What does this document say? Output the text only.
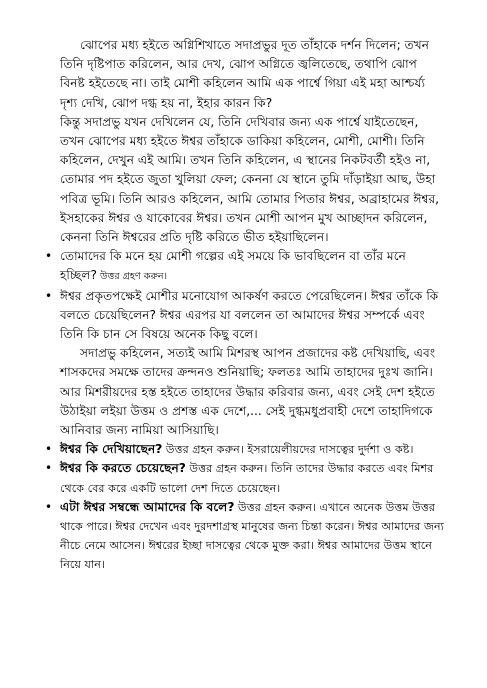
ঝোপের মধ্য হইতে অগ্নিশিখাতে সদাপ্রভুর দূত তাঁহাকে দর্শন দিলেন; তখন তিনি দৃষ্টিপাত করিলেন, আর দেখ, ঝোপ অগ্নিতে জ্বলিতেছে, তথাপি ঝোপ বিনষ্ট হইতেছে না। তাই মোশী কহিলেন আমি এক পার্শ্বে গিয়া এই মহা আশ্চর্য্য দৃশ্য দেখি, ঝোপ দগ্ধ হয় না, ইহার কারন কি?

কিন্তু সদাপ্রভু যখন দেখিলেন যে, তিনি দেখিবার জন্য এক পার্শ্বে যাইতেছেন, তখন ঝোপের মধ্য হইতে ঈশ্বর তাঁহাকে ডাকিয়া কহিলেন, মোশী, মোশী। তিনি কহিলেন, দেখুন এই আমি। তখন তিনি কহিলেন, এ স্থানের নিকটবর্তী হইও না, তোমার পদ হইতে জুতা খুলিয়া ফেল; কেননা যে স্থানে তুমি দাঁড়াইয়া আছ, উহা পবিত্র ভূমি। তিনি আরও কহিলেন, আমি তোমার পিতার ঈশ্বর, অব্রাহামের ঈশ্বর, ইসহাকের ঈশ্বর ও যাকোবের ঈশ্বর। তখন মোশী আপন মুখ আচ্ছাদন করিলেন, কেননা তিনি ঈশ্বরের প্রতি দৃষ্টি করিতে ভীত হইয়াছিলেন।

• তোমাদের কি মনে হয় মোশী গল্পের এই সময়ে কি ভাবছিলেন বা তাঁর মনে হচ্ছিল? উত্তর গ্রহণ করুন।
• ঈশ্বর প্রকৃতপক্ষেই মোশীর মনোযোগ আকর্ষণ করতে পেরেছিলেন। ঈশ্বর তাঁকে কি বলতে চেয়েছিলেন? ঈশ্বর এরপর যা বললেন তা আমাদের ঈশ্বর সম্পর্কে এবং তিনি কি চান সে বিষয়ে অনেক কিছু বলে।

সদাপ্রভু কহিলেন, সত্যই আমি মিশরস্থ আপন প্রজাদের কষ্ট দেখিয়াছি, এবং শাসকদের সমক্ষে তাদের ক্রন্দনও শুনিয়াছি; ফলতঃ আমি তাহাদের দুঃখ জানি। আর মিশরীয়দের হস্ত হইতে তাহাদের উদ্ধার করিবার জন্য, এবং সেই দেশ হইতে উঠাইয়া লইয়া উত্তম ও প্রশস্ত এক দেশে,... সেই দুগ্ধমধুপ্রবাহী দেশে তাহাদিগকে আনিবার জন্য নামিয়া আসিয়াছি।

• ঈশ্বর কি দেখিয়াছেন? উত্তর গ্রহন করুন। ইসরায়েলীয়দের দাসত্বের দুর্দশা ও কষ্ট।
• ঈশ্বর কি করতে চেয়েছেন? উত্তর গ্রহন করুন। তিনি তাদের উদ্ধার করতে এবং মিশর থেকে বের করে একটি ভালো দেশ দিতে চেয়েছেন।
• এটা ঈশ্বর সম্বন্ধে আমাদের কি বলে? উত্তর গ্রহন করুন। এখানে অনেক উত্তম উত্তর থাকে পারে। ঈশ্বর দেখেন এবং দুরদশাগ্রস্থ মানুষের জন্য চিন্তা করেন। ঈশ্বর আমাদের জন্য নীচে নেমে আসেন। ঈশ্বরের ইচ্ছা দাসত্বের থেকে মুক্ত করা। ঈশ্বর আমাদের উত্তম স্থানে নিয়ে যান।
